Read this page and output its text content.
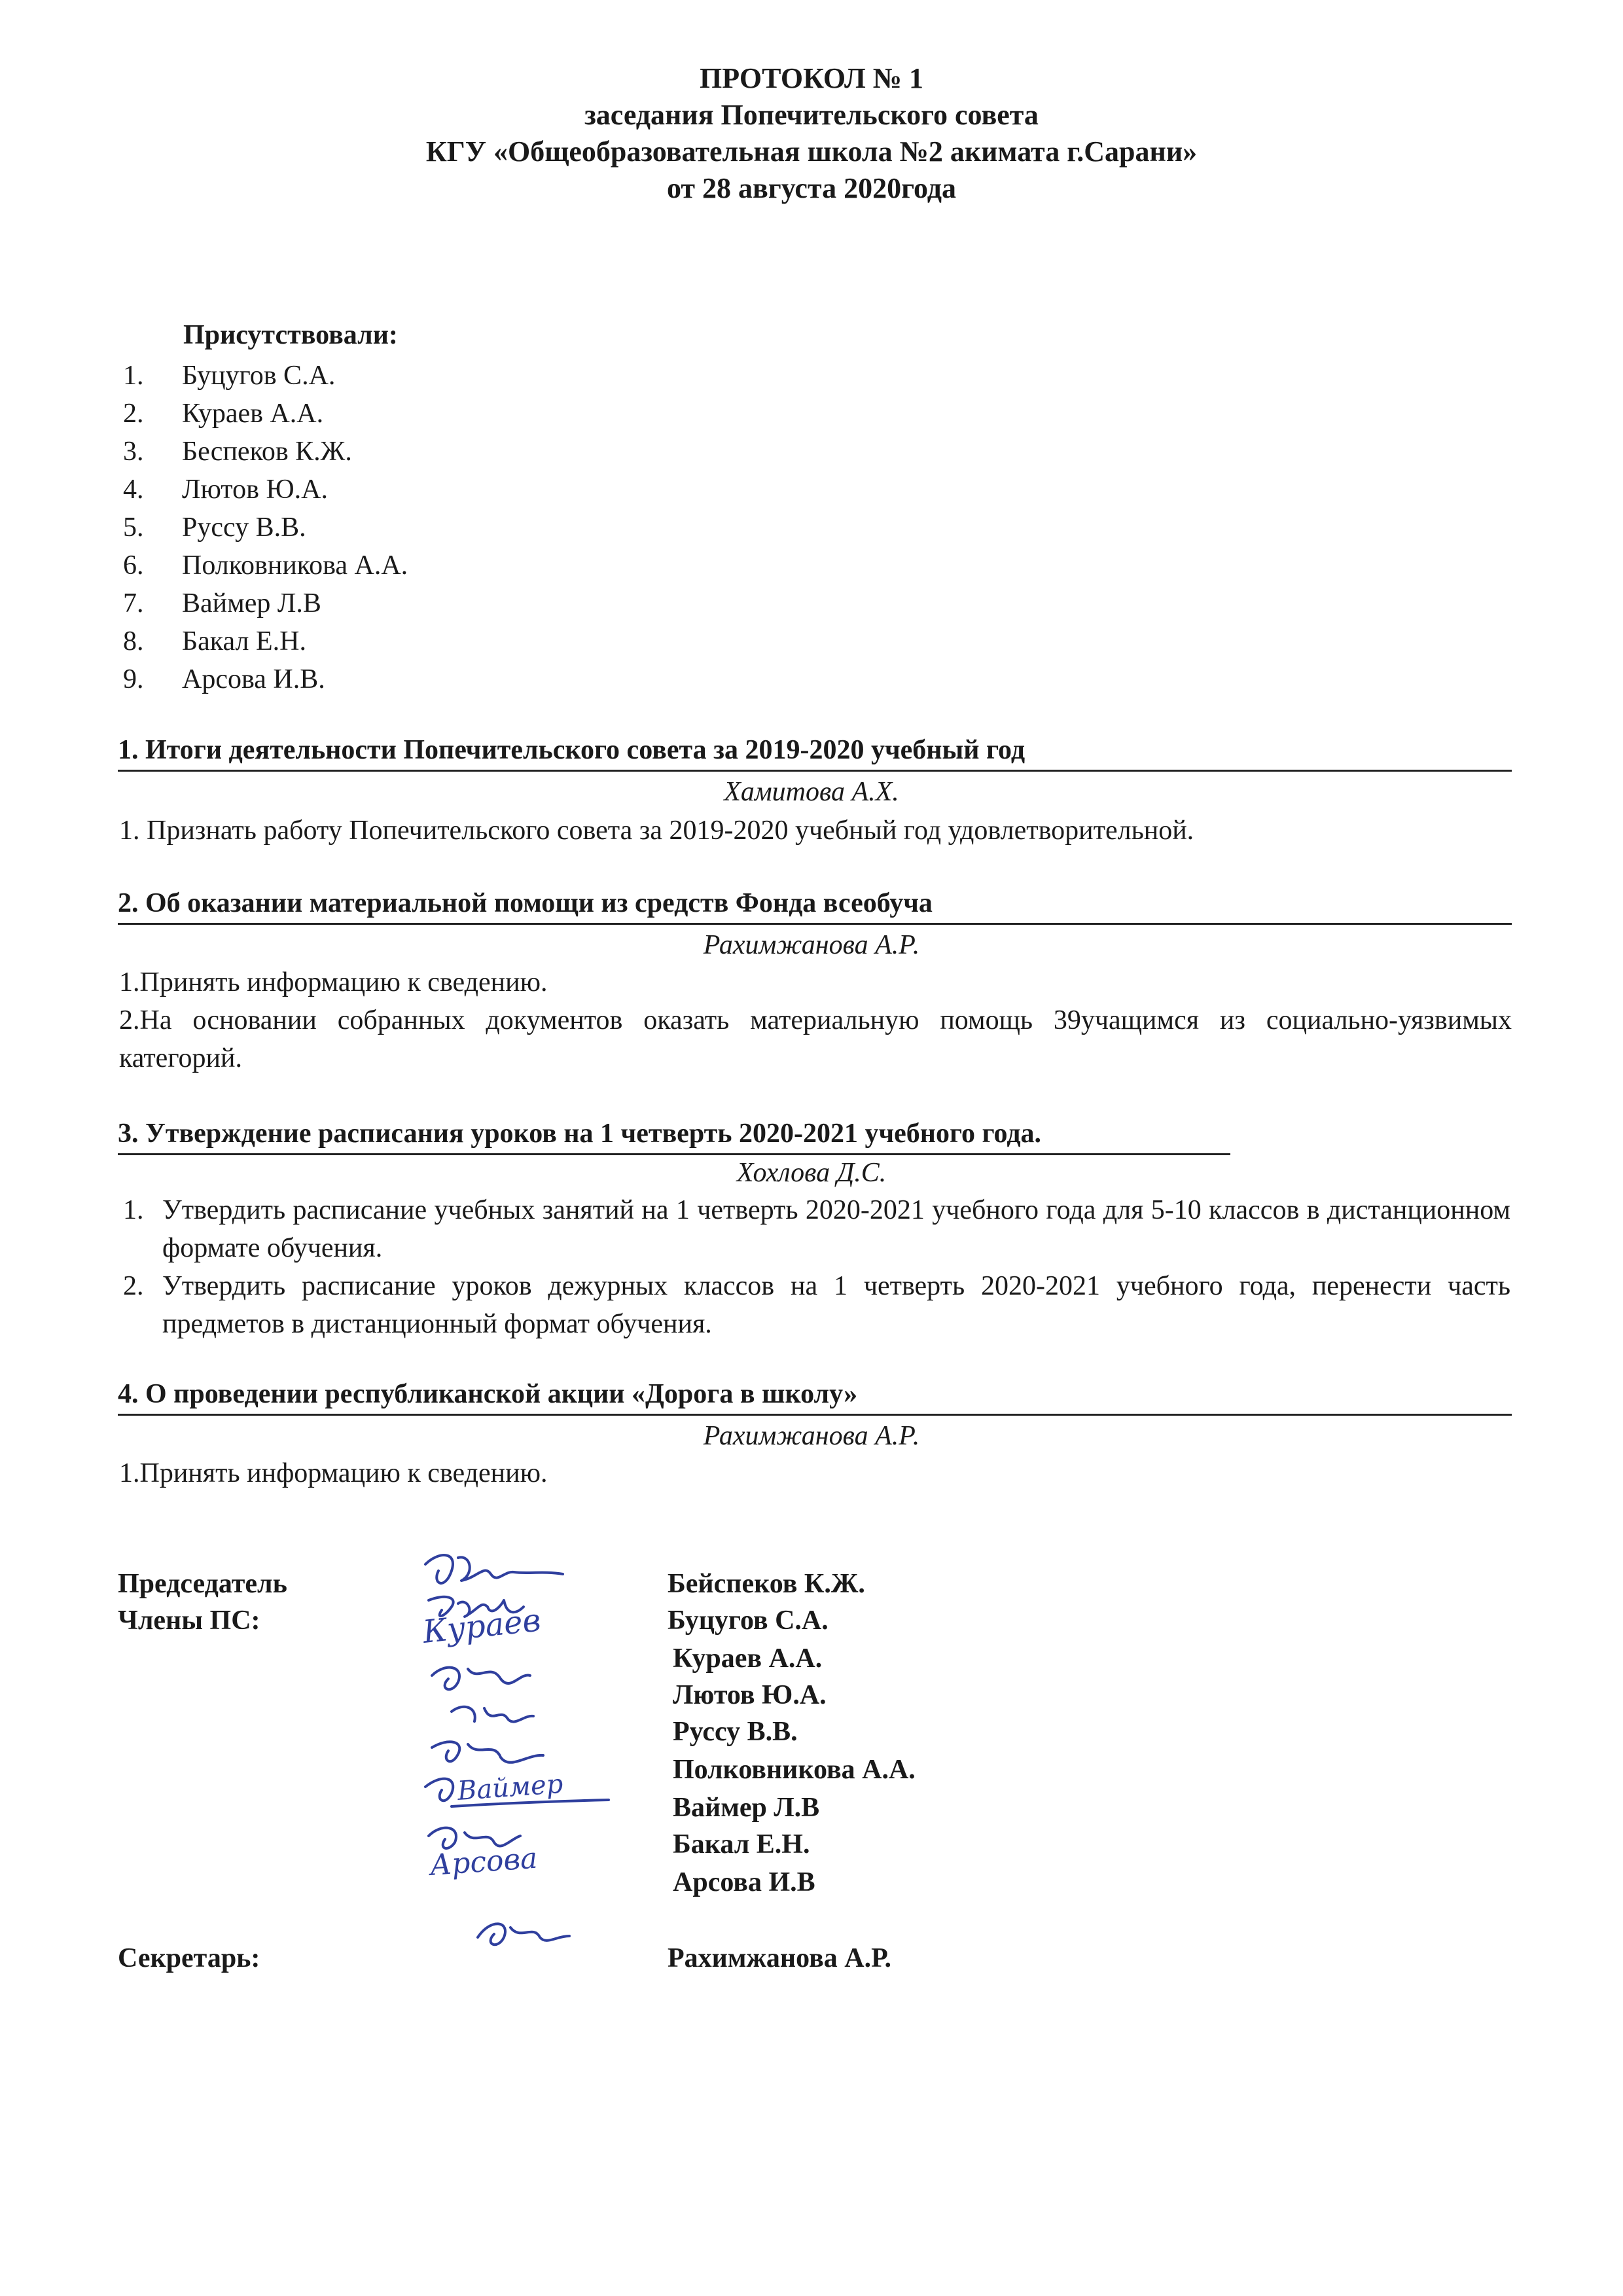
ПРОТОКОЛ № 1
заседания Попечительского совета
КГУ «Общеобразовательная школа №2 акимата г.Сарани»
от 28 августа 2020года
Присутствовали:
1.	Буцугов С.А.
2.	Кураев А.А.
3.	Беспеков К.Ж.
4.	Лютов Ю.А.
5.	Руссу В.В.
6.	Полковникова А.А.
7.	Ваймер Л.В
8.	Бакал Е.Н.
9.	Арсова И.В.
1. Итоги деятельности Попечительского совета за 2019-2020 учебный год
Хамитова А.Х.
1. Признать работу Попечительского совета за 2019-2020 учебный год удовлетворительной.
2. Об оказании материальной помощи из средств Фонда всеобуча
Рахимжанова А.Р.
1.Принять информацию к сведению.
2.На основании собранных документов оказать материальную помощь 39учащимся из социально-уязвимых категорий.
3. Утверждение расписания уроков на 1 четверть 2020-2021 учебного года.
Хохлова Д.С.
1. Утвердить расписание учебных занятий на 1 четверть 2020-2021 учебного года для 5-10 классов в дистанционном формате обучения.
2. Утвердить расписание уроков дежурных классов на 1 четверть 2020-2021 учебного года, перенести часть предметов в дистанционный формат обучения.
4. О проведении республиканской акции «Дорога в школу»
Рахимжанова А.Р.
1.Принять информацию к сведению.
Председатель	Бейспеков К.Ж.
Члены ПС:	Буцугов С.А.
Кураев А.А.
Лютов Ю.А.
Руссу В.В.
Полковникова А.А.
Ваймер Л.В
Бакал Е.Н.
Арсова И.В
Секретарь:	Рахимжанова А.Р.
Кураев
Ваймер
Арсова
